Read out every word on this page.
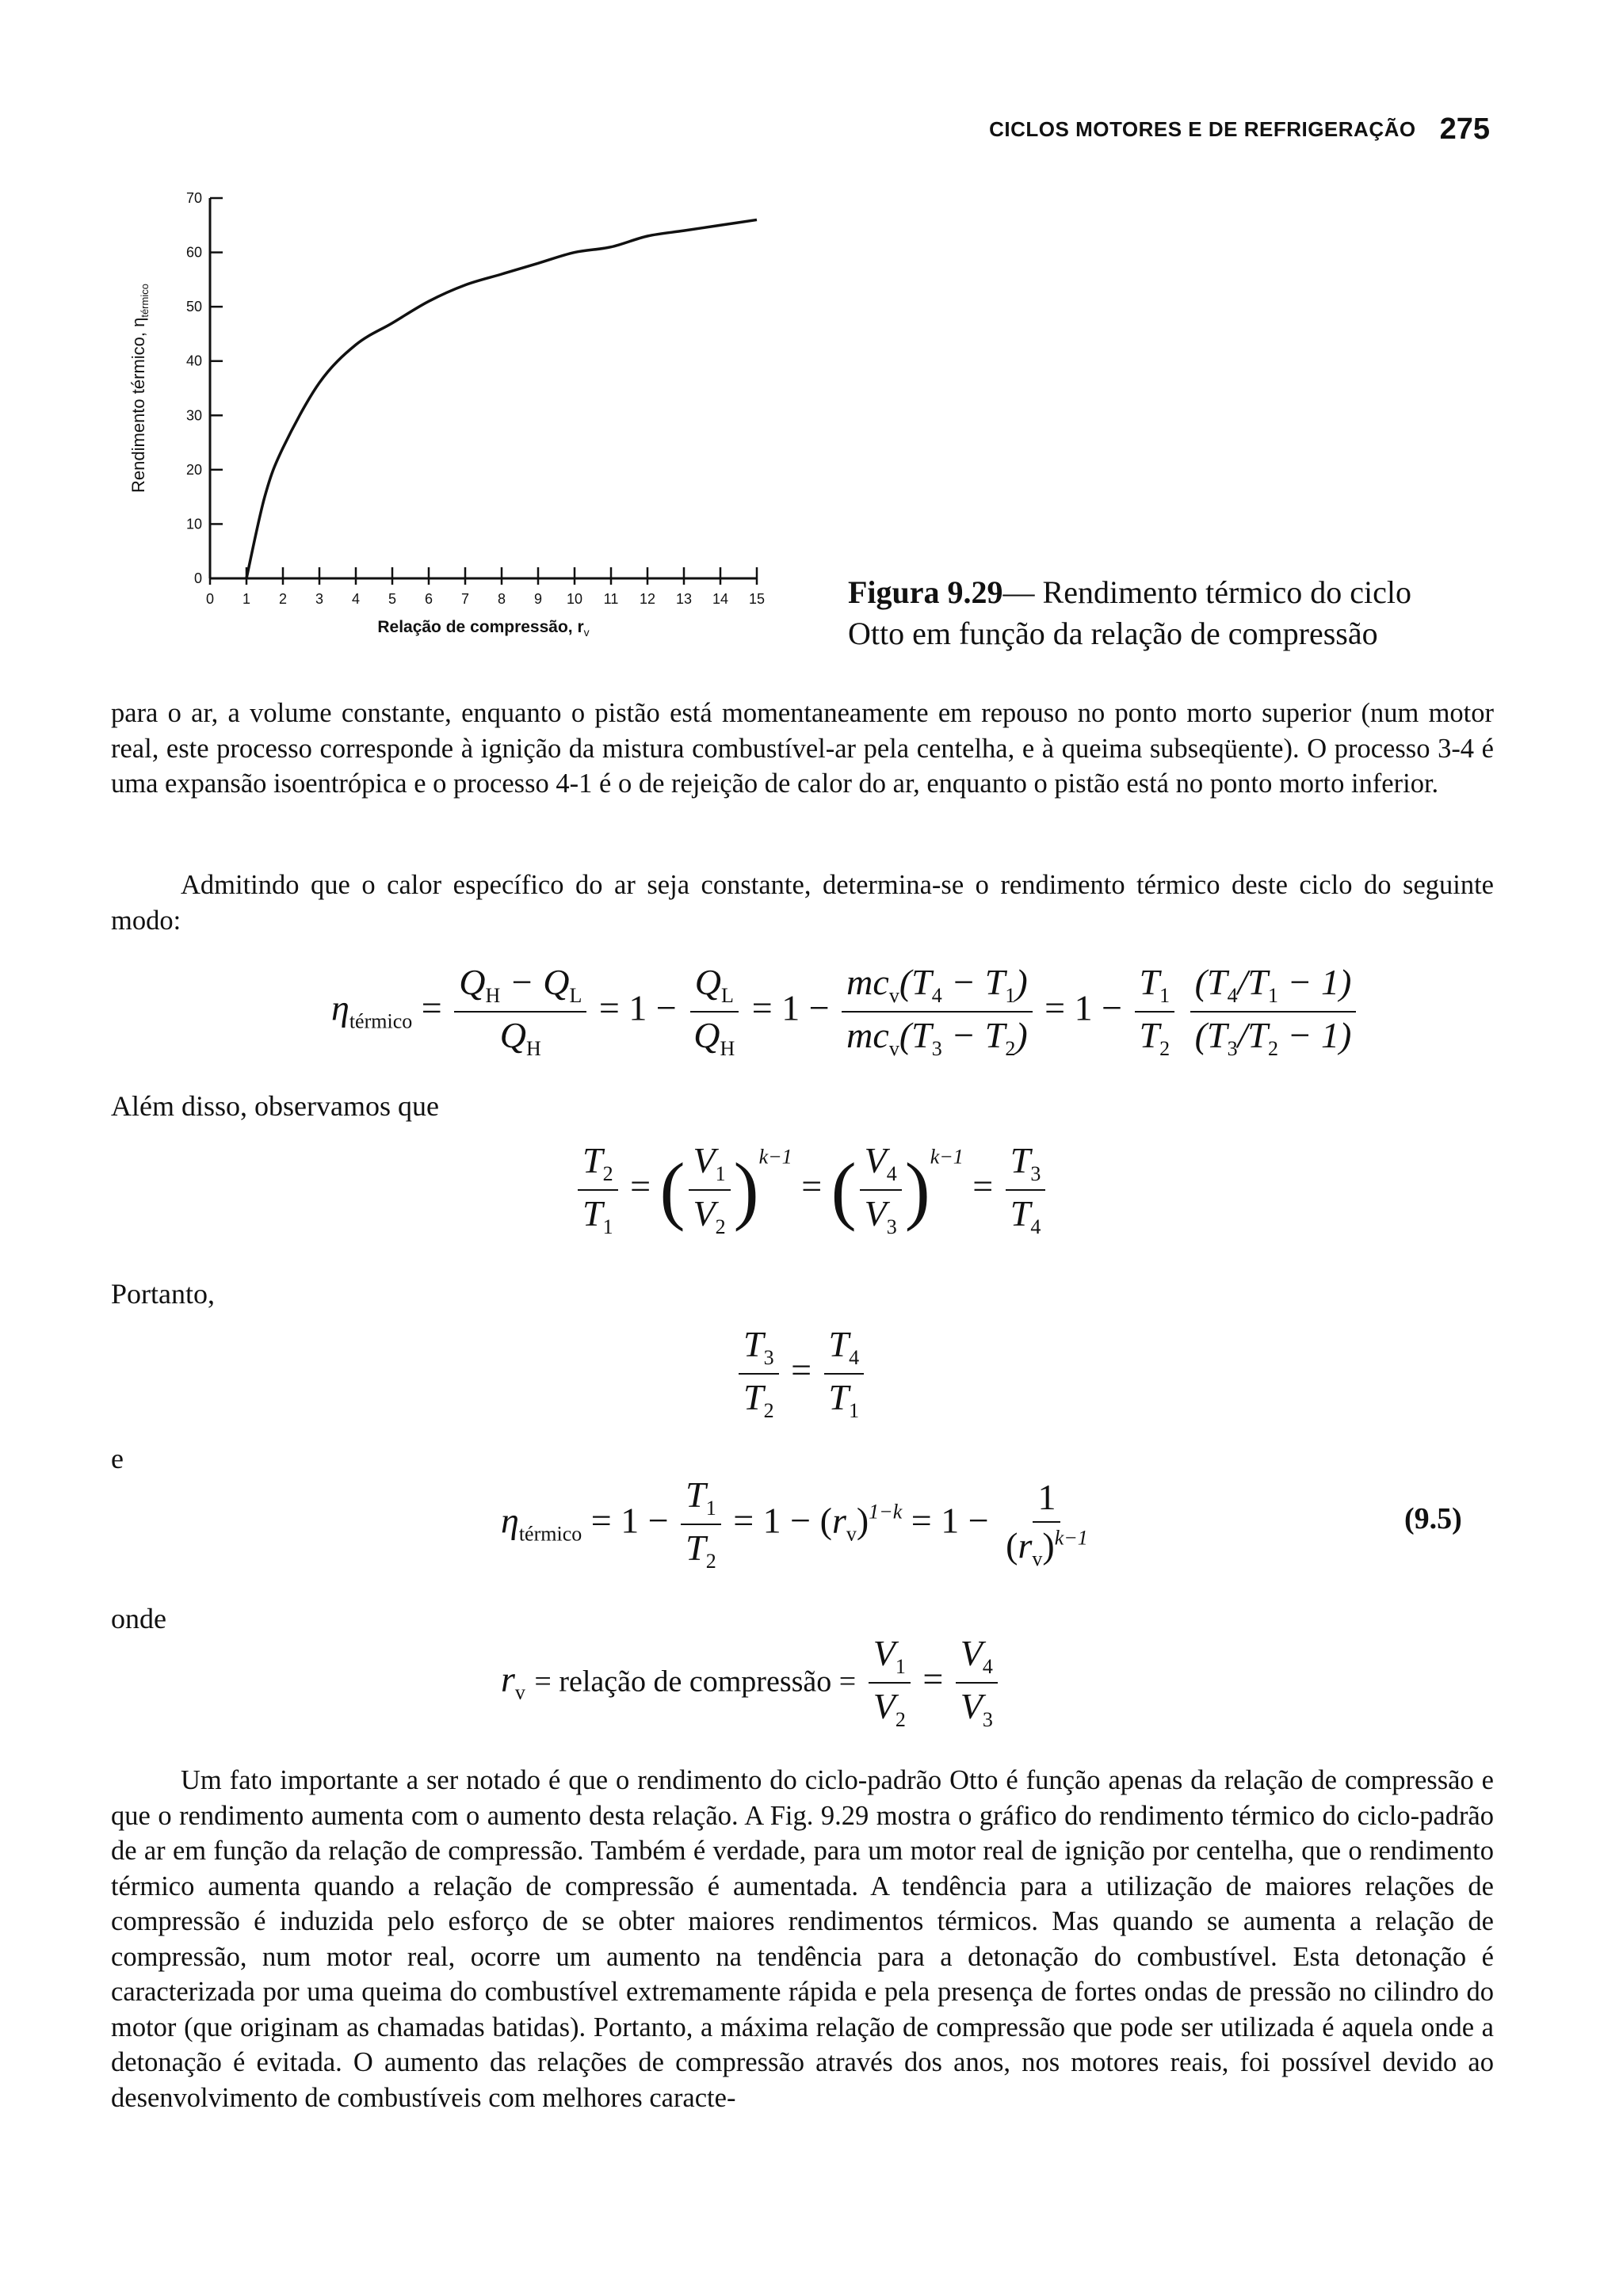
CICLOS MOTORES E DE REFRIGERAÇÃO 275
0 1 2 3 4 5 6 7 8 9 10 11 12 13 14 15
0
10
20
30
40
50
60
70
Relação de compressão, $r_v$
Rendimento térmico, $\eta_{térmico}$
Figura 9.29— Rendimento térmico do ciclo
Otto em função da relação de compressão

para o ar, a volume constante, enquanto o pistão está momentaneamente em repouso no ponto morto superior (num motor real, este processo corresponde à ignição da mistura combustível-ar pela centelha, e à queima subseqüente). O processo 3-4 é uma expansão isoentrópica e o processo 4-1 é o de rejeição de calor do ar, enquanto o pistão está no ponto morto inferior.

Admitindo que o calor específico do ar seja constante, determina-se o rendimento térmico deste ciclo do seguinte modo:

$\eta_{térmico} = \frac{Q_H - Q_L}{Q_H} = 1 - \frac{Q_L}{Q_H} = 1 - \frac{mc_v(T_4 - T_1)}{mc_v(T_3 - T_2)} = 1 - \frac{T_1}{T_2}$
$\frac{(T_4/T_1 - 1)}{(T_3/T_2 - 1)}$
Além disso, observamos que
$\frac{T_2}{T_1}$ = ( $\frac{V_1}{V_2} )^{k-1}$ = ( $\frac{V_4}{V_3} )^{k-1} = \frac{T_3}{T_4}$
Portanto,
$\frac{T_3}{T_2} = \frac{T_4}{T_1}$
e
$\eta_{térmico} = 1 - \frac{T_1}{T_2} = 1 - (r_v)^{1-k} = 1 - \frac{1}{(r_v)^{k-1}}$	(9.5)
onde
$r_v$ = relação de compressão = $\frac{V_1}{V_2} = \frac{V_4}{V_3}$

Um fato importante a ser notado é que o rendimento do ciclo-padrão Otto é função apenas da relação de compressão e que o rendimento aumenta com o aumento desta relação. A Fig. 9.29 mostra o gráfico do rendimento térmico do ciclo-padrão de ar em função da relação de compressão. Também é verdade, para um motor real de ignição por centelha, que o rendimento térmico aumenta quando a relação de compressão é aumentada. A tendência para a utilização de maiores relações de compressão é induzida pelo esforço de se obter maiores rendimentos térmicos. Mas quando se aumenta a relação de compressão, num motor real, ocorre um aumento na tendência para a detonação do combustível. Esta detonação é caracterizada por uma queima do combustível extremamente rápida e pela presença de fortes ondas de pressão no cilindro do motor (que originam as chamadas batidas). Portanto, a máxima relação de compressão que pode ser utilizada é aquela onde a detonação é evitada. O aumento das relações de compressão através dos anos, nos motores reais, foi possível devido ao desenvolvimento de combustíveis com melhores caracte-
